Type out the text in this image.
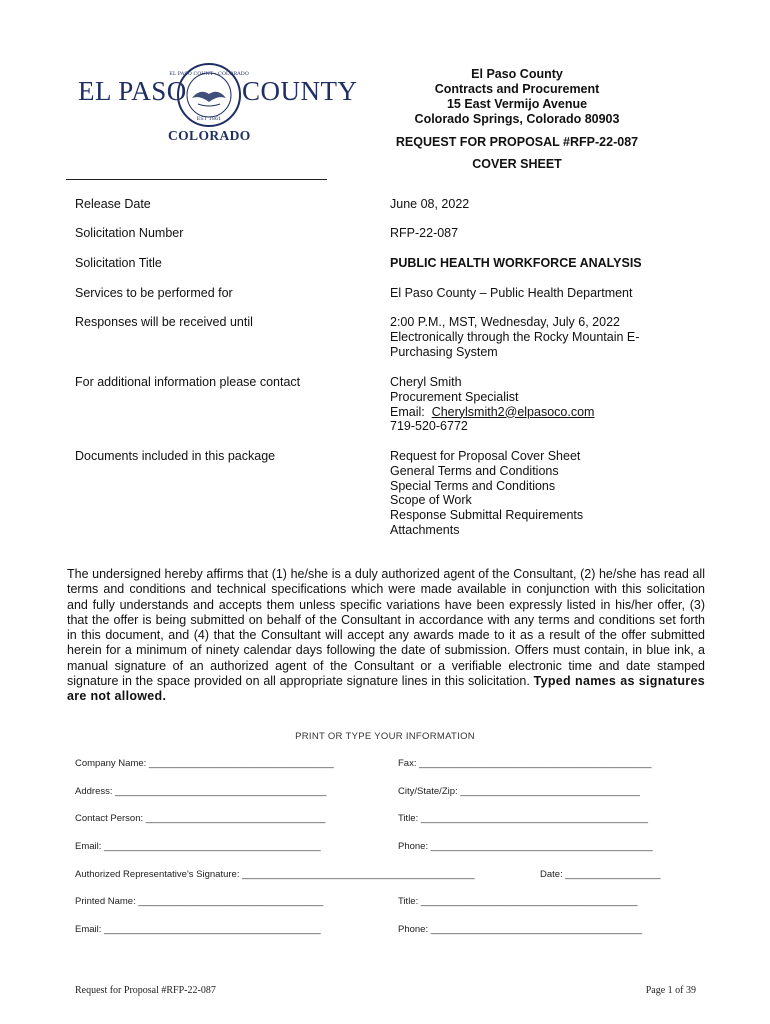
EL PASO
EL PASO COUNT · COLORADO
EST 1861
COUNTY
COLORADO
El Paso County
Contracts and Procurement
15 East Vermijo Avenue
Colorado Springs, Colorado 80903
REQUEST FOR PROPOSAL #RFP-22-087
COVER SHEET
Release Date	June 08, 2022
Solicitation Number	RFP-22-087
Solicitation Title	PUBLIC HEALTH WORKFORCE ANALYSIS
Services to be performed for	El Paso County – Public Health Department
Responses will be received until	2:00 P.M., MST, Wednesday, July 6, 2022
Electronically through the Rocky Mountain E-
Purchasing System
For additional information please contact	Cheryl Smith
Procurement Specialist
Email:  Cherylsmith2@elpasoco.com
719-520-6772
Documents included in this package	Request for Proposal Cover Sheet
General Terms and Conditions
Special Terms and Conditions
Scope of Work
Response Submittal Requirements
Attachments
The undersigned hereby affirms that (1) he/she is a duly authorized agent of the Consultant, (2) he/she has read all terms and conditions and technical specifications which were made available in conjunction with this solicitation and fully understands and accepts them unless specific variations have been expressly listed in his/her offer, (3) that the offer is being submitted on behalf of the Consultant in accordance with any terms and conditions set forth in this document, and (4) that the Consultant will accept any awards made to it as a result of the offer submitted herein for a minimum of ninety calendar days following the date of submission. Offers must contain, in blue ink, a manual signature of an authorized agent of the Consultant or a verifiable electronic time and date stamped signature in the space provided on all appropriate signature lines in this solicitation. Typed names as signatures are not allowed.
PRINT OR TYPE YOUR INFORMATION
Company Name: ___________________________________	Fax: ____________________________________________
Address: ________________________________________	City/State/Zip: __________________________________
Contact Person: __________________________________	Title: ___________________________________________
Email: _________________________________________	Phone: __________________________________________
Authorized Representative's Signature: ____________________________________________	Date: __________________
Printed Name: ___________________________________	Title: _________________________________________
Email: _________________________________________	Phone: ________________________________________
Request for Proposal #RFP-22-087	Page 1 of 39
